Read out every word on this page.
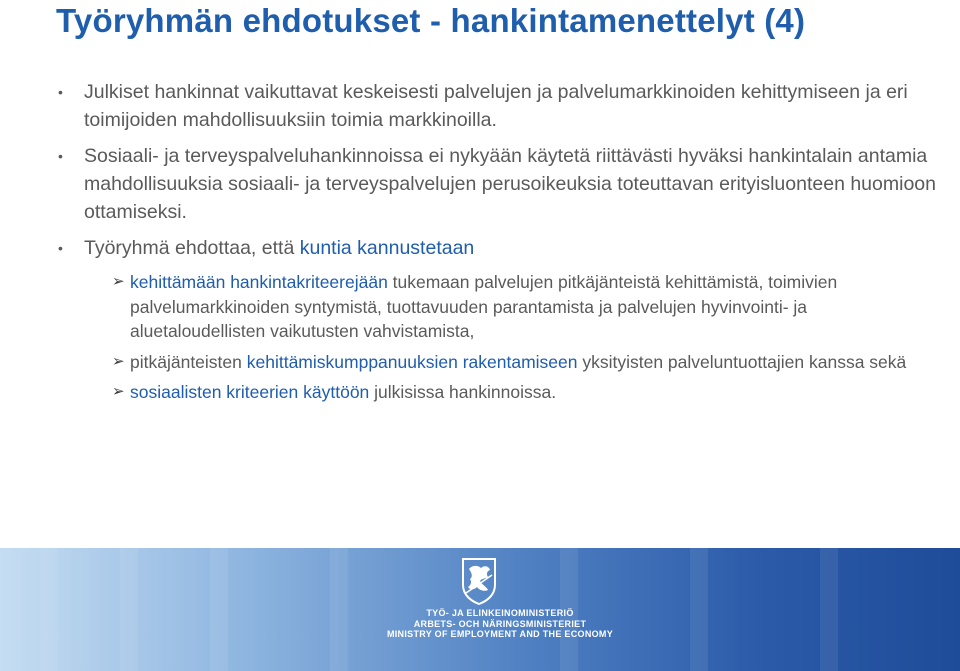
Työryhmän ehdotukset - hankintamenettelyt (4)

• Julkiset hankinnat vaikuttavat keskeisesti palvelujen ja palvelumarkkinoiden kehittymiseen ja eri toimijoiden mahdollisuuksiin toimia markkinoilla.

• Sosiaali- ja terveyspalveluhankinnoissa ei nykyään käytetä riittävästi hyväksi hankintalain antamia mahdollisuuksia sosiaali- ja terveyspalvelujen perusoikeuksia toteuttavan erityisluonteen huomioon ottamiseksi.

• Työryhmä ehdottaa, että kuntia kannustetaan

➢ kehittämään hankintakriteerejään tukemaan palvelujen pitkäjänteistä kehittämistä, toimivien palvelumarkkinoiden syntymistä, tuottavuuden parantamista ja palvelujen hyvinvointi- ja aluetaloudellisten vaikutusten vahvistamista,

➢ pitkäjänteisten kehittämiskumppanuuksien rakentamiseen yksityisten palveluntuottajien kanssa sekä

➢ sosiaalisten kriteerien käyttöön julkisissa hankinnoissa.

TYÖ- JA ELINKEINOMINISTERIÖ
ARBETS- OCH NÄRINGSMINISTERIET
MINISTRY OF EMPLOYMENT AND THE ECONOMY
